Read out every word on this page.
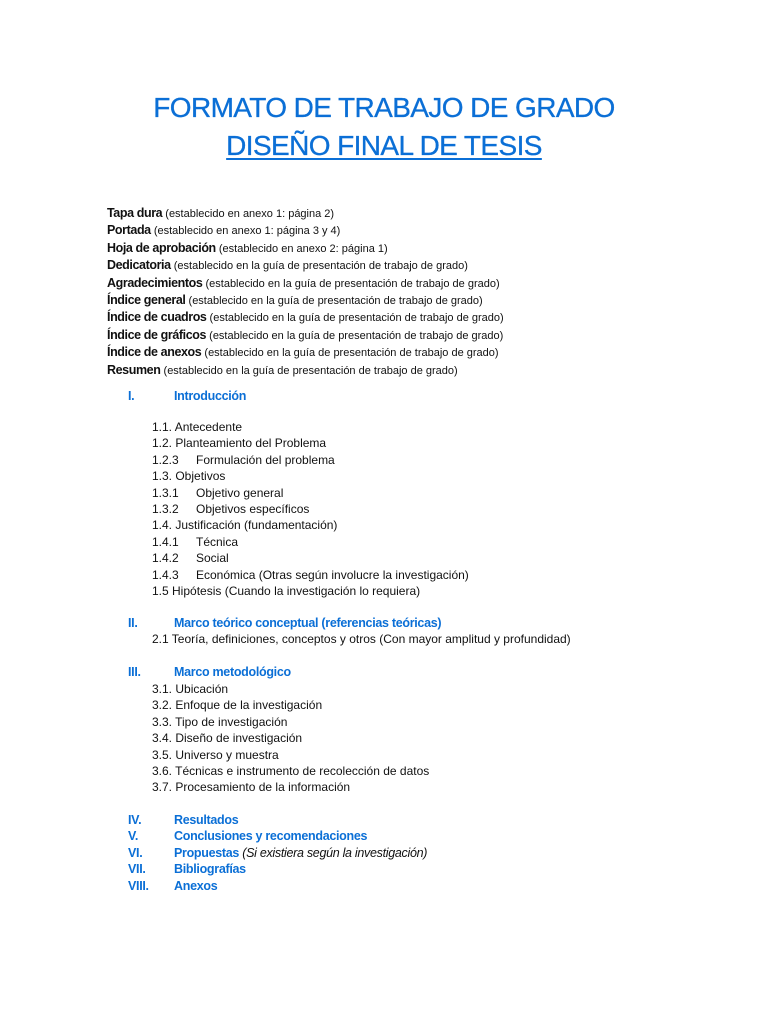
FORMATO DE TRABAJO DE GRADO
DISEÑO FINAL DE TESIS
Tapa dura (establecido en anexo 1: página 2)
Portada (establecido en anexo 1: página 3 y 4)
Hoja de aprobación (establecido en anexo 2: página 1)
Dedicatoria (establecido en la guía de presentación de trabajo de grado)
Agradecimientos (establecido en la guía de presentación de trabajo de grado)
Índice general (establecido en la guía de presentación de trabajo de grado)
Índice de cuadros (establecido en la guía de presentación de trabajo de grado)
Índice de gráficos (establecido en la guía de presentación de trabajo de grado)
Índice de anexos (establecido en la guía de presentación de trabajo de grado)
Resumen (establecido en la guía de presentación de trabajo de grado)
I.	Introducción
1.1. Antecedente
1.2. Planteamiento del Problema
1.2.3 Formulación del problema
1.3. Objetivos
1.3.1 Objetivo general
1.3.2 Objetivos específicos
1.4. Justificación (fundamentación)
1.4.1 Técnica
1.4.2 Social
1.4.3 Económica (Otras según involucre la investigación)
1.5 Hipótesis (Cuando la investigación lo requiera)
II.	Marco teórico conceptual (referencias teóricas)
2.1 Teoría, definiciones, conceptos y otros (Con mayor amplitud y profundidad)
III.	Marco metodológico
3.1. Ubicación
3.2. Enfoque de la investigación
3.3. Tipo de investigación
3.4. Diseño de investigación
3.5. Universo y muestra
3.6. Técnicas e instrumento de recolección de datos
3.7. Procesamiento de la información
IV.	Resultados
V.	Conclusiones y recomendaciones
VI.	Propuestas (Si existiera según la investigación)
VII. Bibliografías
VIII. Anexos
